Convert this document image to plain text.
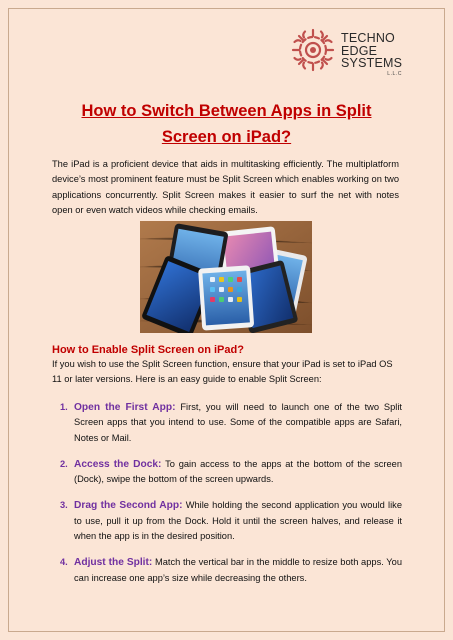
TECHNO
EDGE
SYSTEMS
L.L.C
How to Switch Between Apps in Split
Screen on iPad?

The iPad is a proficient device that aids in multitasking efficiently. The multiplatform device’s most prominent feature must be Split Screen which enables working on two applications concurrently. Split Screen makes it easier to surf the net with notes open or even watch videos while checking emails.

How to Enable Split Screen on iPad?

If you wish to use the Split Screen function, ensure that your iPad is set to iPad OS 11 or later versions. Here is an easy guide to enable Split Screen:

1. Open the First App: First, you will need to launch one of the two Split Screen apps that you intend to use. Some of the compatible apps are Safari, Notes or Mail.
2. Access the Dock: To gain access to the apps at the bottom of the screen (Dock), swipe the bottom of the screen upwards.
3. Drag the Second App: While holding the second application you would like to use, pull it up from the Dock. Hold it until the screen halves, and release it when the app is in the desired position.
4. Adjust the Split: Match the vertical bar in the middle to resize both apps. You can increase one app’s size while decreasing the others.
